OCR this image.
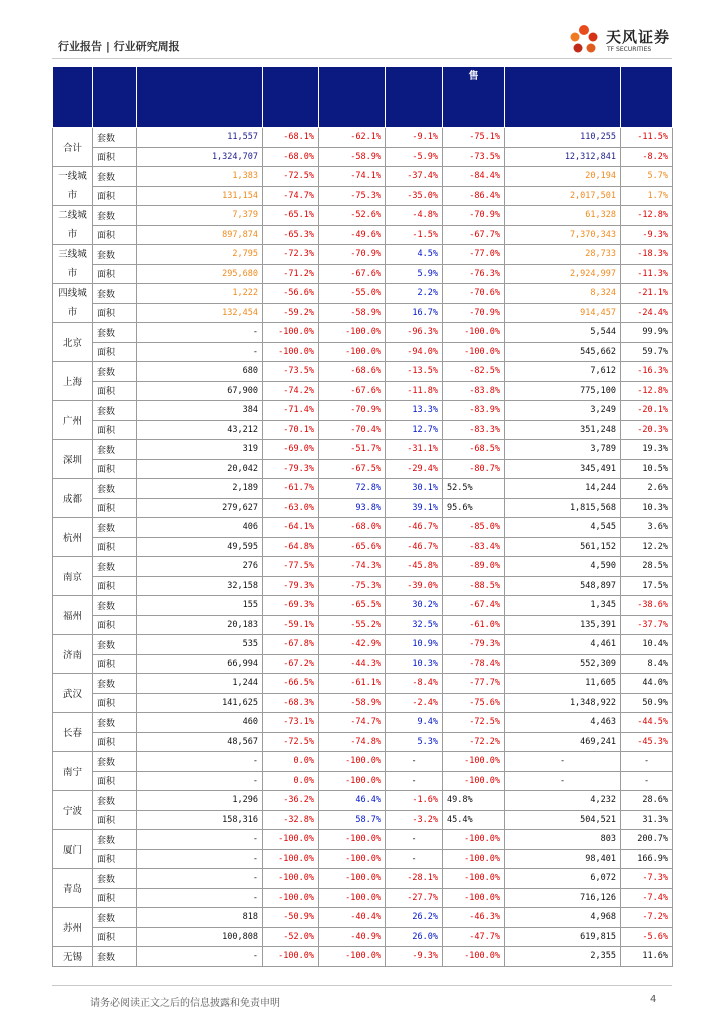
行业报告 | 行业研究周报
天风证券
TF SECURITIES
						售		
合计	套数	11,557	-68.1%	-62.1%	-9.1%	-75.1%	110,255	-11.5%
	面积	1,324,707	-68.0%	-58.9%	-5.9%	-73.5%	12,312,841	-8.2%
一线城市	套数	1,383	-72.5%	-74.1%	-37.4%	-84.4%	20,194	5.7%
	面积	131,154	-74.7%	-75.3%	-35.0%	-86.4%	2,017,501	1.7%
二线城市	套数	7,379	-65.1%	-52.6%	-4.8%	-70.9%	61,328	-12.8%
	面积	897,874	-65.3%	-49.6%	-1.5%	-67.7%	7,370,343	-9.3%
三线城市	套数	2,795	-72.3%	-70.9%	4.5%	-77.0%	28,733	-18.3%
	面积	295,680	-71.2%	-67.6%	5.9%	-76.3%	2,924,997	-11.3%
四线城市	套数	1,222	-56.6%	-55.0%	2.2%	-70.6%	8,324	-21.1%
	面积	132,454	-59.2%	-58.9%	16.7%	-70.9%	914,457	-24.4%
北京	套数	-	-100.0%	-100.0%	-96.3%	-100.0%	5,544	99.9%
	面积	-	-100.0%	-100.0%	-94.0%	-100.0%	545,662	59.7%
上海	套数	680	-73.5%	-68.6%	-13.5%	-82.5%	7,612	-16.3%
	面积	67,900	-74.2%	-67.6%	-11.8%	-83.8%	775,100	-12.8%
广州	套数	384	-71.4%	-70.9%	13.3%	-83.9%	3,249	-20.1%
	面积	43,212	-70.1%	-70.4%	12.7%	-83.3%	351,248	-20.3%
深圳	套数	319	-69.0%	-51.7%	-31.1%	-68.5%	3,789	19.3%
	面积	20,042	-79.3%	-67.5%	-29.4%	-80.7%	345,491	10.5%
成都	套数	2,189	-61.7%	72.8%	30.1%	52.5%	14,244	2.6%
	面积	279,627	-63.0%	93.8%	39.1%	95.6%	1,815,568	10.3%
杭州	套数	406	-64.1%	-68.0%	-46.7%	-85.0%	4,545	3.6%
	面积	49,595	-64.8%	-65.6%	-46.7%	-83.4%	561,152	12.2%
南京	套数	276	-77.5%	-74.3%	-45.8%	-89.0%	4,590	28.5%
	面积	32,158	-79.3%	-75.3%	-39.0%	-88.5%	548,897	17.5%
福州	套数	155	-69.3%	-65.5%	30.2%	-67.4%	1,345	-38.6%
	面积	20,183	-59.1%	-55.2%	32.5%	-61.0%	135,391	-37.7%
济南	套数	535	-67.8%	-42.9%	10.9%	-79.3%	4,461	10.4%
	面积	66,994	-67.2%	-44.3%	10.3%	-78.4%	552,309	8.4%
武汉	套数	1,244	-66.5%	-61.1%	-8.4%	-77.7%	11,605	44.0%
	面积	141,625	-68.3%	-58.9%	-2.4%	-75.6%	1,348,922	50.9%
长春	套数	460	-73.1%	-74.7%	9.4%	-72.5%	4,463	-44.5%
	面积	48,567	-72.5%	-74.8%	5.3%	-72.2%	469,241	-45.3%
南宁	套数	-	0.0%	-100.0%	-	-100.0%	-	-
	面积	-	0.0%	-100.0%	-	-100.0%	-	-
宁波	套数	1,296	-36.2%	46.4%	-1.6%	49.8%	4,232	28.6%
	面积	158,316	-32.8%	58.7%	-3.2%	45.4%	504,521	31.3%
厦门	套数	-	-100.0%	-100.0%	-	-100.0%	803	200.7%
	面积	-	-100.0%	-100.0%	-	-100.0%	98,401	166.9%
青岛	套数	-	-100.0%	-100.0%	-28.1%	-100.0%	6,072	-7.3%
	面积	-	-100.0%	-100.0%	-27.7%	-100.0%	716,126	-7.4%
苏州	套数	818	-50.9%	-40.4%	26.2%	-46.3%	4,968	-7.2%
	面积	100,808	-52.0%	-40.9%	26.0%	-47.7%	619,815	-5.6%
无锡	套数	-	-100.0%	-100.0%	-9.3%	-100.0%	2,355	11.6%
请务必阅读正文之后的信息披露和免责申明	4
